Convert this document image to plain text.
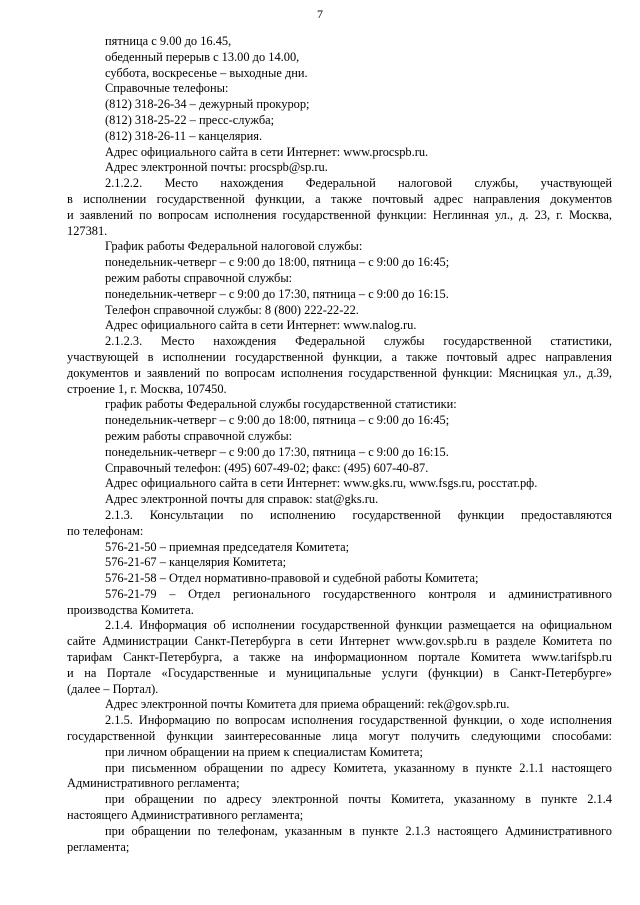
7
пятница с 9.00 до 16.45,
обеденный перерыв с 13.00 до 14.00,
суббота, воскресенье – выходные дни.
Справочные телефоны:
(812) 318-26-34 – дежурный прокурор;
(812) 318-25-22 – пресс-служба;
(812) 318-26-11 – канцелярия.
Адрес официального сайта в сети Интернет: www.procspb.ru.
Адрес электронной почты: procspb@sp.ru.
2.1.2.2. Место нахождения Федеральной налоговой службы, участвующей
в исполнении государственной функции, а также почтовый адрес направления документов
и заявлений по вопросам исполнения государственной функции: Неглинная ул., д. 23, г. Москва,
127381.
График работы Федеральной налоговой службы:
понедельник-четверг – с 9:00 до 18:00, пятница – с 9:00 до 16:45;
режим работы справочной службы:
понедельник-четверг – с 9:00 до 17:30, пятница – с 9:00 до 16:15.
Телефон справочной службы: 8 (800) 222-22-22.
Адрес официального сайта в сети Интернет: www.nalog.ru.
2.1.2.3. Место нахождения Федеральной службы государственной статистики,
участвующей в исполнении государственной функции, а также почтовый адрес направления
документов и заявлений по вопросам исполнения государственной функции: Мясницкая ул., д.39,
строение 1, г. Москва, 107450.
график работы Федеральной службы государственной статистики:
понедельник-четверг – с 9:00 до 18:00, пятница – с 9:00 до 16:45;
режим работы справочной службы:
понедельник-четверг – с 9:00 до 17:30, пятница – с 9:00 до 16:15.
Справочный телефон: (495) 607-49-02; факс: (495) 607-40-87.
Адрес официального сайта в сети Интернет: www.gks.ru, www.fsgs.ru, росстат.рф.
Адрес электронной почты для справок: stat@gks.ru.
2.1.3. Консультации по исполнению государственной функции предоставляются
по телефонам:
576-21-50 – приемная председателя Комитета;
576-21-67 – канцелярия Комитета;
576-21-58 – Отдел нормативно-правовой и судебной работы Комитета;
576-21-79 – Отдел регионального государственного контроля и административного
производства Комитета.
2.1.4. Информация об исполнении государственной функции размещается на официальном
сайте Администрации Санкт-Петербурга в сети Интернет www.gov.spb.ru в разделе Комитета по
тарифам Санкт-Петербурга, а также на информационном портале Комитета www.tarifspb.ru
и на Портале «Государственные и муниципальные услуги (функции) в Санкт-Петербурге»
(далее – Портал).
Адрес электронной почты Комитета для приема обращений: rek@gov.spb.ru.
2.1.5. Информацию по вопросам исполнения государственной функции, о ходе исполнения
государственной функции заинтересованные лица могут получить следующими способами:
при личном обращении на прием к специалистам Комитета;
при письменном обращении по адресу Комитета, указанному в пункте 2.1.1 настоящего
Административного регламента;
при обращении по адресу электронной почты Комитета, указанному в пункте 2.1.4
настоящего Административного регламента;
при обращении по телефонам, указанным в пункте 2.1.3 настоящего Административного
регламента;
